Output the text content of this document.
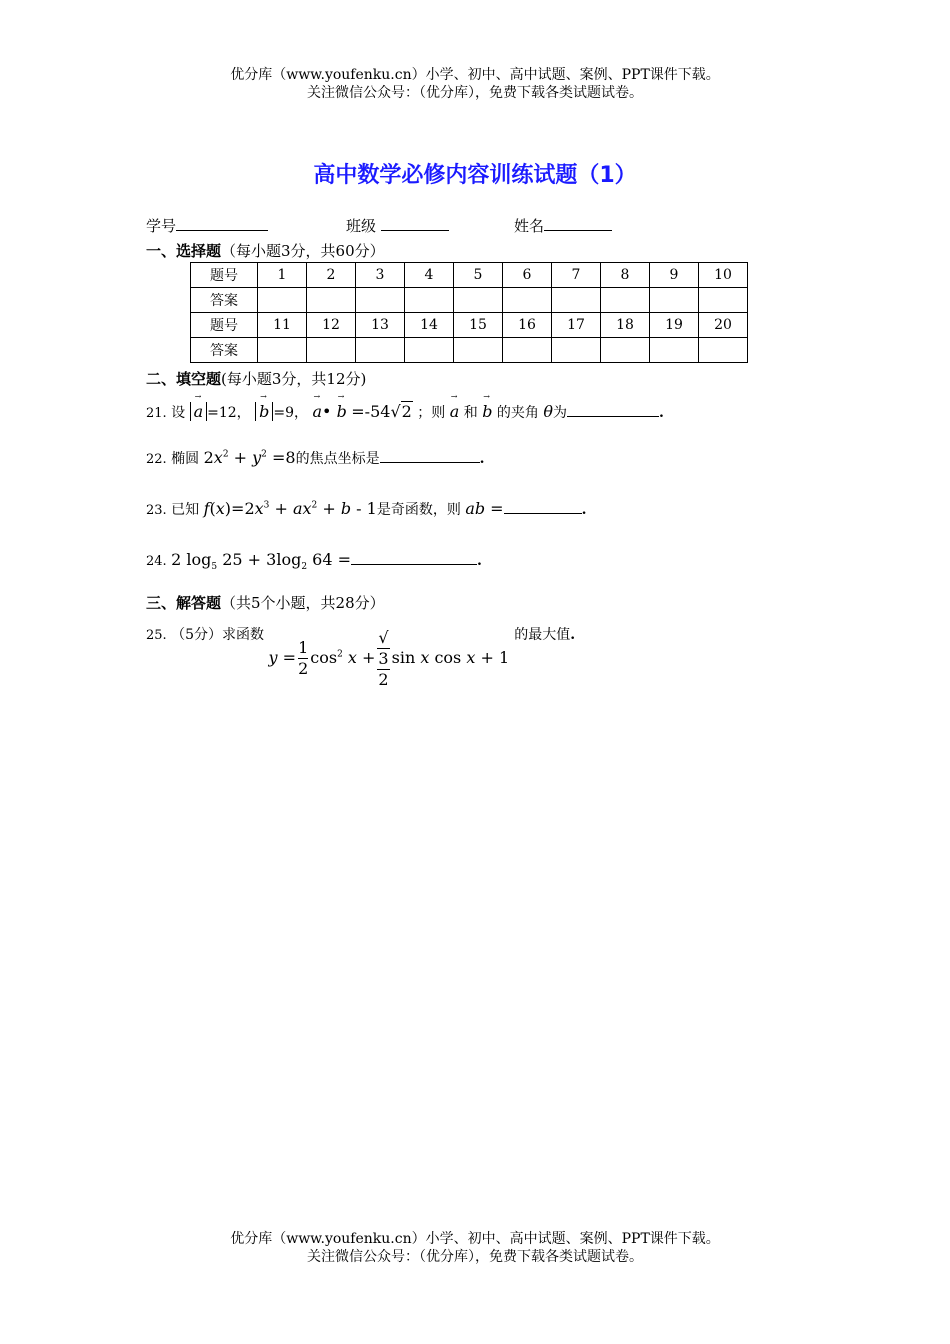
优分库（www.youfenku.cn）小学、初中、高中试题、案例、PPT课件下载。
关注微信公众号：（优分库），免费下载各类试题试卷。
高中数学必修内容训练试题（1）
学号	班级	姓名
一、选择题（每小题3分，共60分）
题号	1	2	3	4	5	6	7	8	9	10
答案										
题号	11	12	13	14	15	16	17	18	19	20
答案										
二、填空题(每小题3分，共12分)
21. 设 → a =12， → b =9， → a• → b =-54√2 ；则 → a 和 → b 的夹角 θ为	.
22. 椭圆 $2x^2 + y^2 =8$的焦点坐标是	.
23. 已知 $f(x)=2x^3 + ax^2 + b - 1$是奇函数，则 ab =	.
24. 2 $\log_5 25 + 3\log_2$ 64 =	.
三、解答题（共5个小题，共28分）
25. （5分）求函数 $y = \frac{1}{2} \cos^2 x$ + √
3
2 sin x cos x + 1 的最大值.
优分库（www.youfenku.cn）小学、初中、高中试题、案例、PPT课件下载。
关注微信公众号：（优分库），免费下载各类试题试卷。
